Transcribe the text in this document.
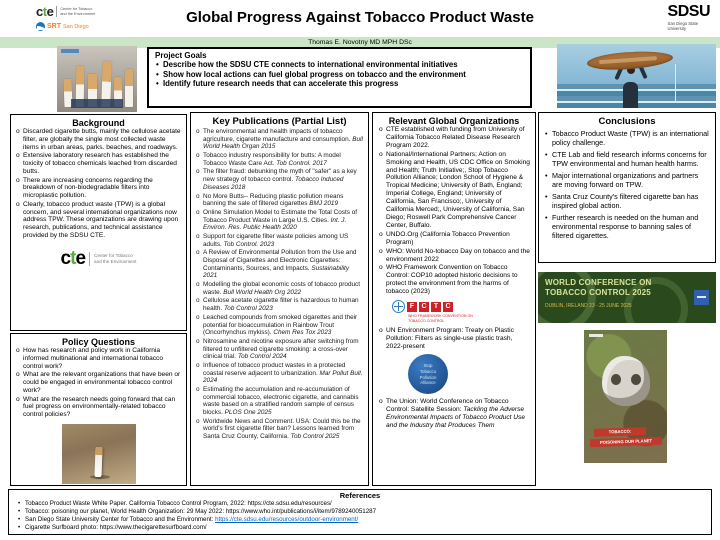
cte Center for Tobacco
and the Environment
SRT San Diego
Global Progress Against Tobacco Product Waste	SDSU
San Diego State
University
Thomas E. Novotny MD MPH DSc
Project Goals
• Describe how the SDSU CTE connects to international environmental initiatives
• Show how local actions can fuel global progress on tobacco and the environment
• Identify future research needs that can accelerate this progress
Background
o Discarded cigarette butts, mainly the cellulose acetate filter, are globally the single most collected waste items in urban areas, parks. beaches, and roadways.
o Extensive laboratory research has established the toxicity of tobacco chemicals leached from discarded butts.
o There are increasing concerns regarding the breakdown of non-biodegradable filters into microplastic pollution.
o Clearly, tobacco product waste (TPW) is a global concern, and several international organizations now address TPW. These organizations are drawing upon research, publications, and technical assistance provided by the SDSU CTE.
cte Center for Tobacco
and the Environment
Policy Questions
o How has research and policy work in California informed multinational and international tobacco control work?
o What are the relevant organizations that have been or could be engaged in environmental tobacco control work?
o What are the research needs going forward that can fuel progress on environmentally-related tobacco control policies?
Key Publications (Partial List)
o The environmental and health impacts of tobacco agriculture, cigarette manufacture and consumption. Bull World Health Organ 2015
o Tobacco industry responsibility for butts: A model Tobacco Waste Care Act. Tob Control. 2017
o The filter fraud: debunking the myth of "safer" as a key new strategy of tobacco control. Tobacco Induced Diseases 2018
o No More Butts-- Reducing plastic pollution means banning the sale of filtered cigarettes BMJ 2019
o Online Simulation Model to Estimate the Total Costs of Tobacco Product Waste in Large U.S. Cities. Int. J. Environ. Res. Public Health 2020
o Support for cigarette filter waste policies among US adults. Tob Control. 2023
o A Review of Environmental Pollution from the Use and Disposal of Cigarettes and Electronic Cigarettes: Contaminants, Sources, and Impacts. Sustainability 2021
o Modelling the global economic costs of tobacco product waste. Bull World Health Org 2022
o Cellulose acetate cigarette filter is hazardous to human health. Tob Control 2023
o Leached compounds from smoked cigarettes and their potential for bioaccumulation in Rainbow Trout (Oncorhynchus mykiss). Chem Res Tox 2023
o Nitrosamine and nicotine exposure after switching from filtered to unfiltered cigarette smoking: a cross-over clinical trial. Tob Control 2024
o Influence of tobacco product wastes in a protected coastal reserve adjacent to urbanization. Mar Pollut Bull. 2024
o Estimating the accumulation and re-accumulation of commercial tobacco, electronic cigarette, and cannabis waste based on a stratified random sample of census blocks. PLOS One 2025
o Worldwide News and Comment. USA: Could this be the world's first cigarette filter ban? Lessons learned from Santa Cruz County, California. Tob Control 2025
Relevant Global Organizations
o CTE established with funding from University of California Tobacco Related Disease Research Program 2022.
o National/International Partners; Action on Smoking and Health, US CDC Office on Smoking and Health; Truth Initiative;, Stop Tobacco Pollution Alliance; London School of Hygiene & Tropical Medicine; University of Bath, England; Imperial College, England; University of California, San Francisco;, University of California Merced;, University of California, San Diego; Roswell Park Comprehensive Cancer Center, Buffalo.
o UNDO.Org (California Tobacco Prevention Program)
o WHO: World No-tobacco Day on tobacco and the environment 2022
o WHO Framework Convention on Tobacco Control: COP10 adopted historic decisions to protect the environment from the harms of tobacco (2023)
F	C	T	C
WHO FRAMEWORK CONVENTION ON TOBACCO CONTROL
o UN Environment Program: Treaty on Plastic Pollution: Filters as single-use plastic trash, 2022-present
Stop
Tobacco
Pollution
Alliance
o The Union: World Conference on Tobacco Control: Satellite Session: Tackling the Adverse Environmental Impacts of Tobacco Product Use and the Industry that Produces Them
Conclusions
• Tobacco Product Waste (TPW) is an international policy challenge.
• CTE Lab and field research informs concerns for TPW environmental and human health harms.
• Major international organizations and partners are moving forward on TPW.
• Santa Cruz County's filtered cigarette ban has inspired global action.
• Further research is needed on the human and environmental response to banning sales of filtered cigarettes.
WORLD CONFERENCE ON
TOBACCO CONTROL 2025
DUBLIN, IRELAND 23 - 25 JUNE 2025
TOBACCO:
POISONING OUR PLANET
References
• Tobacco Product Waste White Paper. California Tobacco Control Program, 2022: https://cte.sdsu.edu/resources/
• Tobacco: poisoning our planet, World Health Organization: 29 May 2022: https://www.who.int/publications/i/item/9789240051287
• San Diego State University Center for Tobacco and the Environment: https://cte.sdsu.edu/resources/outdoor-environment/
• Cigarette Surfboard photo: https://www.thecigarettesurfboard.com/
